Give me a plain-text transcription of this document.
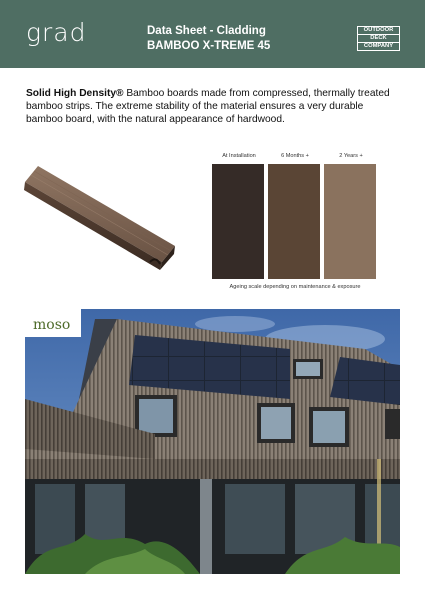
grad	Data Sheet - Cladding
BAMBOO X-TREME 45
OUTDOOR
DECK
COMPANY
Solid High Density® Bamboo boards made from compressed, thermally treated bamboo strips. The extreme stability of the material ensures a very durable bamboo board, with the natural appearance of hardwood.
At Installation	6 Months +	2 Years +
Ageing scale depending on maintenance & exposure
moso
